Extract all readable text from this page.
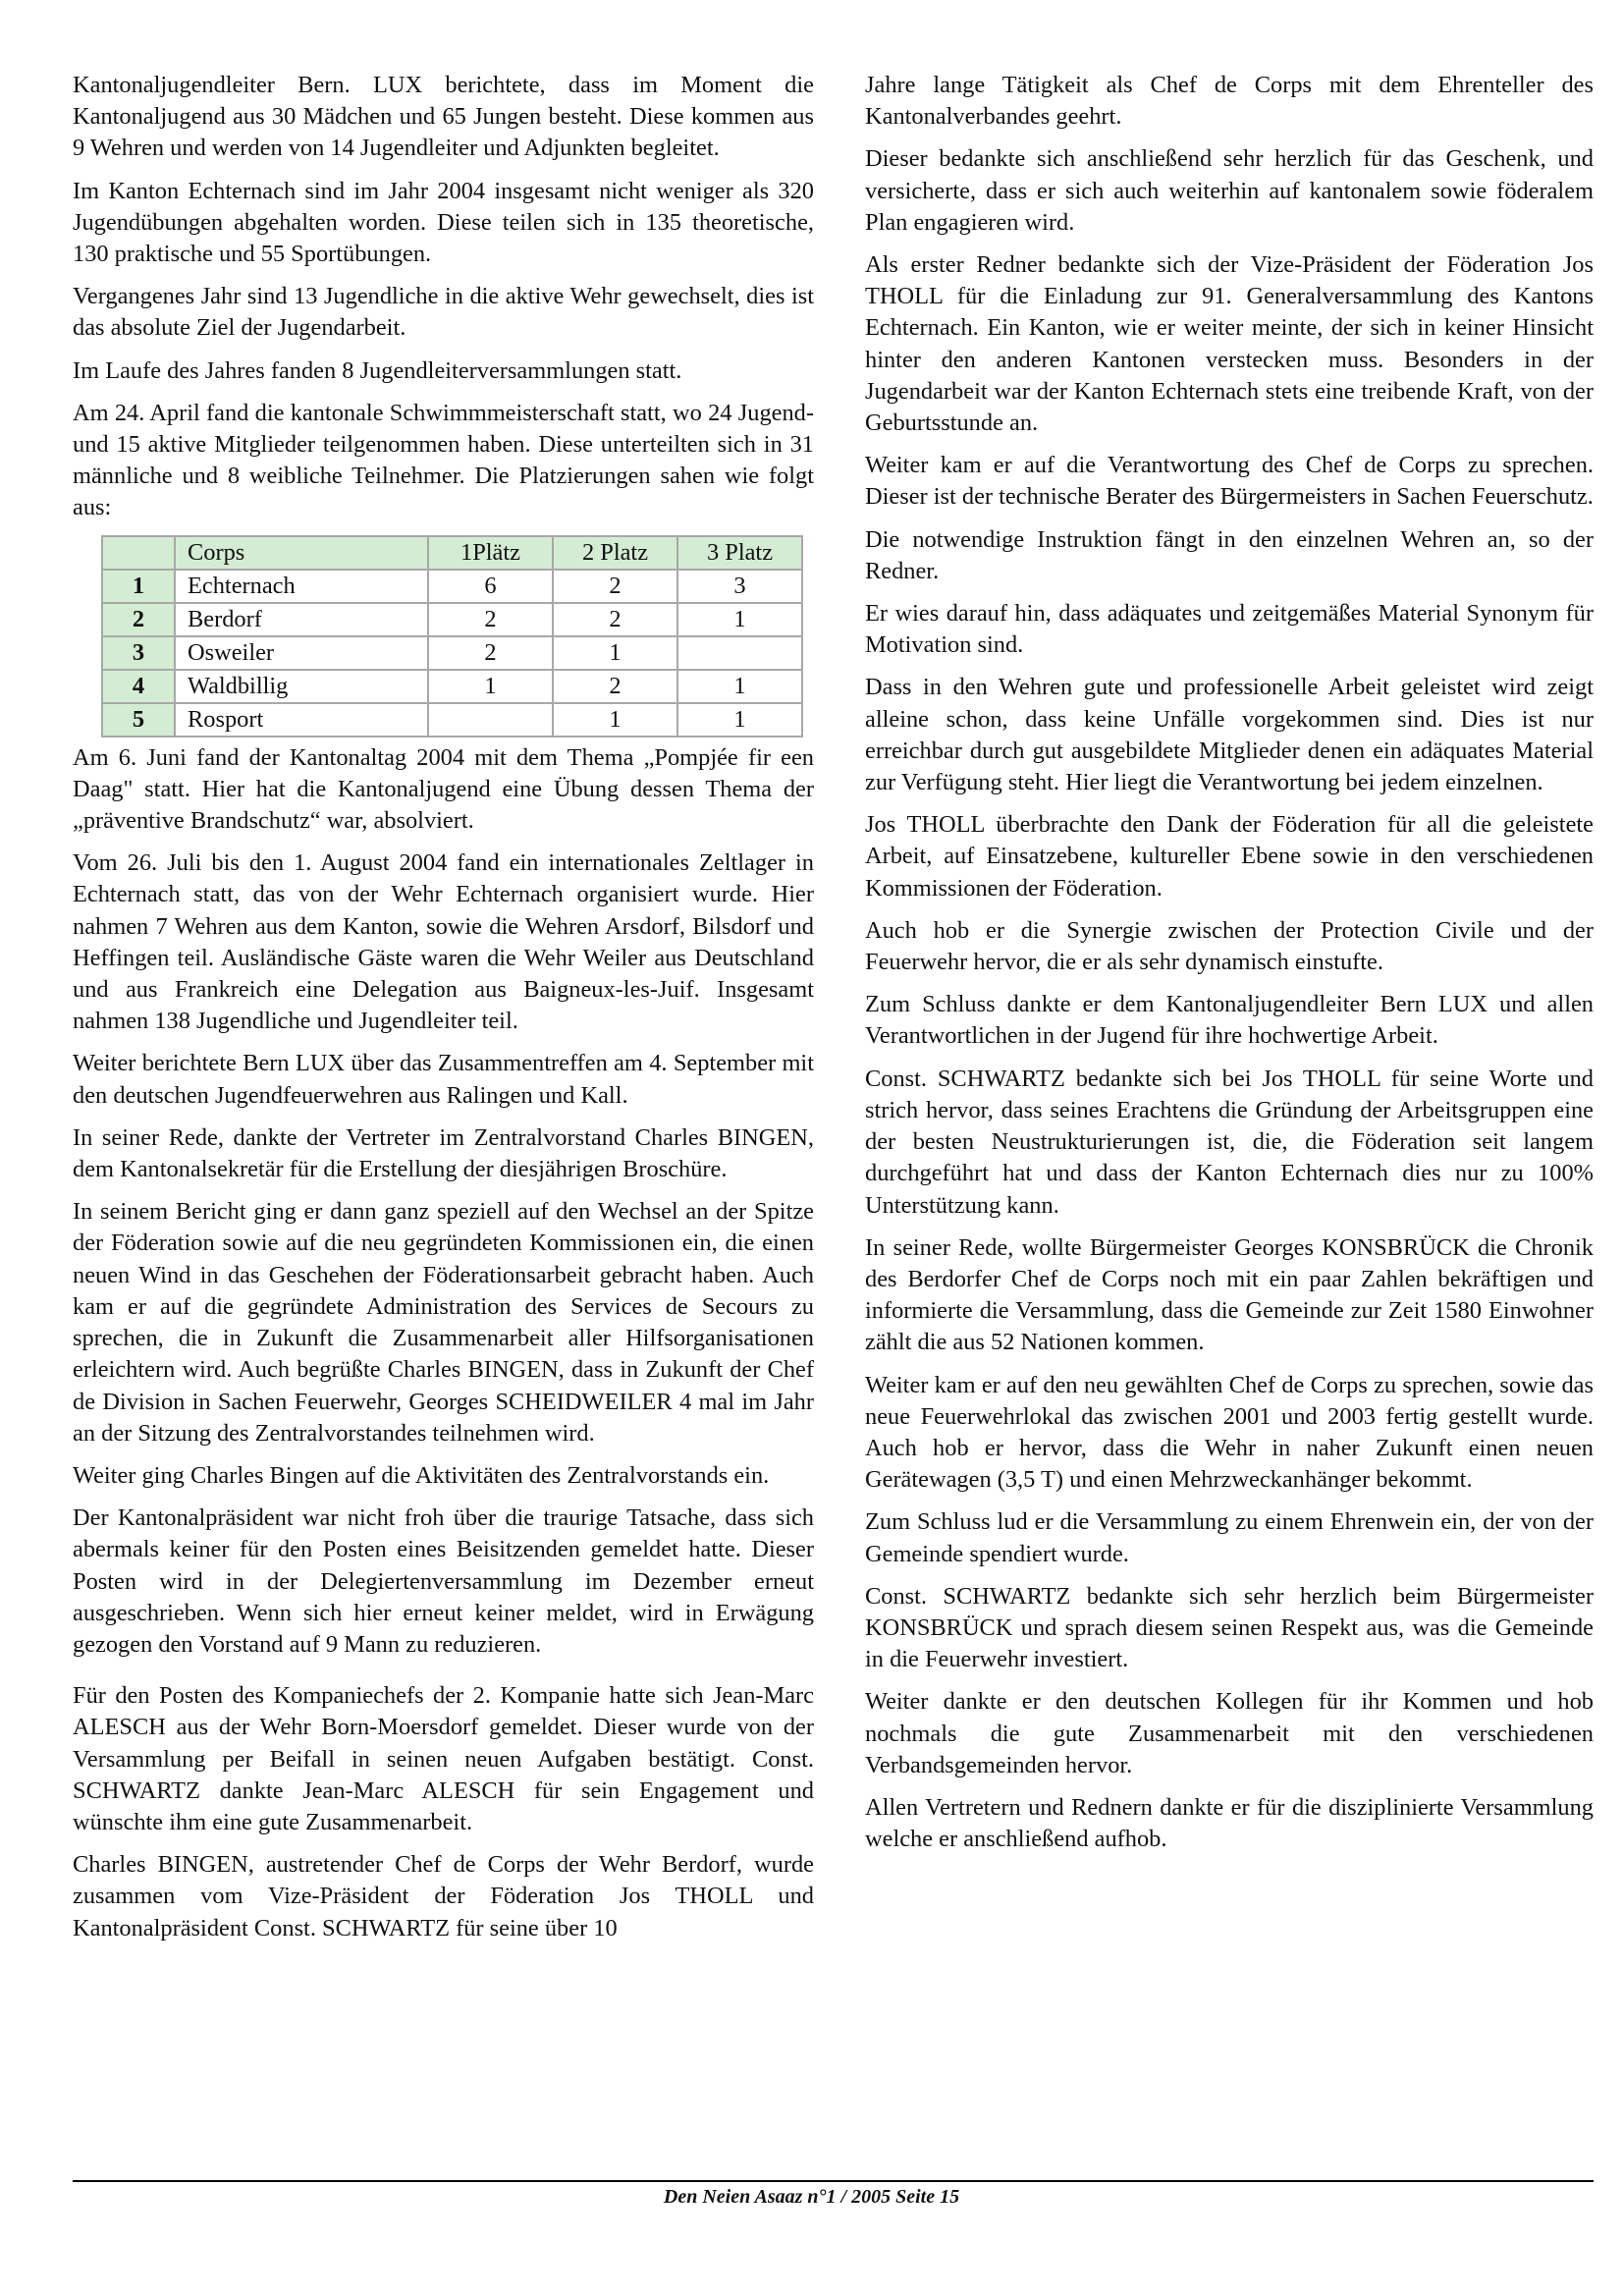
Kantonaljugendleiter Bern. LUX berichtete, dass im Moment die Kantonaljugend aus 30 Mädchen und 65 Jungen besteht. Diese kommen aus 9 Wehren und werden von 14 Jugendleiter und Adjunkten begleitet.

Im Kanton Echternach sind im Jahr 2004 insgesamt nicht weniger als 320 Jugendübungen abgehalten worden. Diese teilen sich in 135 theoretische, 130 praktische und 55 Sportübungen.

Vergangenes Jahr sind 13 Jugendliche in die aktive Wehr gewechselt, dies ist das absolute Ziel der Jugendarbeit.

Im Laufe des Jahres fanden 8 Jugendleiterversammlungen statt.

Am 24. April fand die kantonale Schwimmmeisterschaft statt, wo 24 Jugend- und 15 aktive Mitglieder teilgenommen haben. Diese unterteilten sich in 31 männliche und 8 weibliche Teilnehmer. Die Platzierungen sahen wie folgt aus:

	Corps	1Plätz	2 Platz	3 Platz
1	Echternach	6	2	3
2	Berdorf	2	2	1
3	Osweiler	2	1	
4	Waldbillig	1	2	1
5	Rosport		1	1

Am 6. Juni fand der Kantonaltag 2004 mit dem Thema „Pompjée fir een Daag" statt. Hier hat die Kantonaljugend eine Übung dessen Thema der „präventive Brandschutz“ war, absolviert.

Vom 26. Juli bis den 1. August 2004 fand ein internationales Zeltlager in Echternach statt, das von der Wehr Echternach organisiert wurde. Hier nahmen 7 Wehren aus dem Kanton, sowie die Wehren Arsdorf, Bilsdorf und Heffingen teil. Ausländische Gäste waren die Wehr Weiler aus Deutschland und aus Frankreich eine Delegation aus Baigneux-les-Juif. Insgesamt nahmen 138 Jugendliche und Jugendleiter teil.

Weiter berichtete Bern LUX über das Zusammentreffen am 4. September mit den deutschen Jugendfeuerwehren aus Ralingen und Kall.

In seiner Rede, dankte der Vertreter im Zentralvorstand Charles BINGEN, dem Kantonalsekretär für die Erstellung der diesjährigen Broschüre.

In seinem Bericht ging er dann ganz speziell auf den Wechsel an der Spitze der Föderation sowie auf die neu gegründeten Kommissionen ein, die einen neuen Wind in das Geschehen der Föderationsarbeit gebracht haben. Auch kam er auf die gegründete Administration des Services de Secours zu sprechen, die in Zukunft die Zusammenarbeit aller Hilfsorganisationen erleichtern wird. Auch begrüßte Charles BINGEN, dass in Zukunft der Chef de Division in Sachen Feuerwehr, Georges SCHEIDWEILER 4 mal im Jahr an der Sitzung des Zentralvorstandes teilnehmen wird.

Weiter ging Charles Bingen auf die Aktivitäten des Zentralvorstands ein.

Der Kantonalpräsident war nicht froh über die traurige Tatsache, dass sich abermals keiner für den Posten eines Beisitzenden gemeldet hatte. Dieser Posten wird in der Delegiertenversammlung im Dezember erneut ausgeschrieben. Wenn sich hier erneut keiner meldet, wird in Erwägung gezogen den Vorstand auf 9 Mann zu reduzieren.

Für den Posten des Kompaniechefs der 2. Kompanie hatte sich Jean-Marc ALESCH aus der Wehr Born-Moersdorf gemeldet. Dieser wurde von der Versammlung per Beifall in seinen neuen Aufgaben bestätigt. Const. SCHWARTZ dankte Jean-Marc ALESCH für sein Engagement und wünschte ihm eine gute Zusammenarbeit.

Charles BINGEN, austretender Chef de Corps der Wehr Berdorf, wurde zusammen vom Vize-Präsident der Föderation Jos THOLL und Kantonalpräsident Const. SCHWARTZ für seine über 10

Jahre lange Tätigkeit als Chef de Corps mit dem Ehrenteller des Kantonalverbandes geehrt.

Dieser bedankte sich anschließend sehr herzlich für das Geschenk, und versicherte, dass er sich auch weiterhin auf kantonalem sowie föderalem Plan engagieren wird.

Als erster Redner bedankte sich der Vize-Präsident der Föderation Jos THOLL für die Einladung zur 91. Generalversammlung des Kantons Echternach. Ein Kanton, wie er weiter meinte, der sich in keiner Hinsicht hinter den anderen Kantonen verstecken muss. Besonders in der Jugendarbeit war der Kanton Echternach stets eine treibende Kraft, von der Geburtsstunde an.

Weiter kam er auf die Verantwortung des Chef de Corps zu sprechen. Dieser ist der technische Berater des Bürgermeisters in Sachen Feuerschutz.

Die notwendige Instruktion fängt in den einzelnen Wehren an, so der Redner.

Er wies darauf hin, dass adäquates und zeitgemäßes Material Synonym für Motivation sind.

Dass in den Wehren gute und professionelle Arbeit geleistet wird zeigt alleine schon, dass keine Unfälle vorgekommen sind. Dies ist nur erreichbar durch gut ausgebildete Mitglieder denen ein adäquates Material zur Verfügung steht. Hier liegt die Verantwortung bei jedem einzelnen.

Jos THOLL überbrachte den Dank der Föderation für all die geleistete Arbeit, auf Einsatzebene, kultureller Ebene sowie in den verschiedenen Kommissionen der Föderation.

Auch hob er die Synergie zwischen der Protection Civile und der Feuerwehr hervor, die er als sehr dynamisch einstufte.

Zum Schluss dankte er dem Kantonaljugendleiter Bern LUX und allen Verantwortlichen in der Jugend für ihre hochwertige Arbeit.

Const. SCHWARTZ bedankte sich bei Jos THOLL für seine Worte und strich hervor, dass seines Erachtens die Gründung der Arbeitsgruppen eine der besten Neustrukturierungen ist, die, die Föderation seit langem durchgeführt hat und dass der Kanton Echternach dies nur zu 100% Unterstützung kann.

In seiner Rede, wollte Bürgermeister Georges KONSBRÜCK die Chronik des Berdorfer Chef de Corps noch mit ein paar Zahlen bekräftigen und informierte die Versammlung, dass die Gemeinde zur Zeit 1580 Einwohner zählt die aus 52 Nationen kommen.

Weiter kam er auf den neu gewählten Chef de Corps zu sprechen, sowie das neue Feuerwehrlokal das zwischen 2001 und 2003 fertig gestellt wurde. Auch hob er hervor, dass die Wehr in naher Zukunft einen neuen Gerätewagen (3,5 T) und einen Mehrzweckanhänger bekommt.

Zum Schluss lud er die Versammlung zu einem Ehrenwein ein, der von der Gemeinde spendiert wurde.

Const. SCHWARTZ bedankte sich sehr herzlich beim Bürgermeister KONSBRÜCK und sprach diesem seinen Respekt aus, was die Gemeinde in die Feuerwehr investiert.

Weiter dankte er den deutschen Kollegen für ihr Kommen und hob nochmals die gute Zusammenarbeit mit den verschiedenen Verbandsgemeinden hervor.

Allen Vertretern und Rednern dankte er für die disziplinierte Versammlung welche er anschließend aufhob.

Den Neien Asaaz n°1 / 2005 Seite 15
